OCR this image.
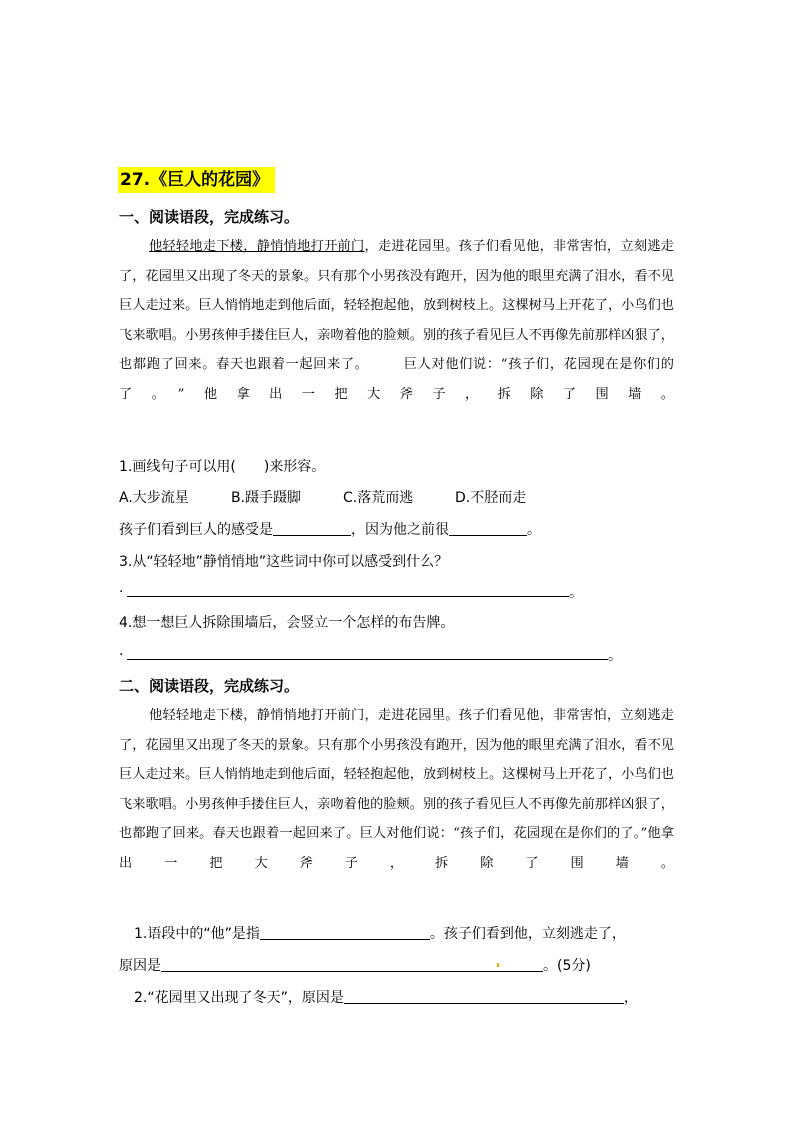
27.《巨人的花园》
一、阅读语段，完成练习。

他轻轻地走下楼，静悄悄地打开前门，走进花园里。孩子们看见他，非常害怕，立刻逃走了，花园里又出现了冬天的景象。只有那个小男孩没有跑开，因为他的眼里充满了泪水，看不见巨人走过来。巨人悄悄地走到他后面，轻轻抱起他，放到树枝上。这棵树马上开花了，小鸟们也飞来歌唱。小男孩伸手搂住巨人，亲吻着他的脸颊。别的孩子看见巨人不再像先前那样凶狠了，也都跑了回来。春天也跟着一起回来了。　　　	巨人对他们说：“孩子们，花园现在是你们的了。”他拿出一把大斧子，拆除了围墙。

1.画线句子可以用(　　)来形容。
A.大步流星	B.蹑手蹑脚	C.落荒而逃	D.不胫而走
孩子们看到巨人的感受是	，因为他之前很	。
3.从“轻轻地”静悄悄地”这些词中你可以感受到什么？
.	。
4.想一想巨人拆除围墙后，会竖立一个怎样的布告牌。
.	。
二、阅读语段，完成练习。

他轻轻地走下楼，静悄悄地打开前门，走进花园里。孩子们看见他，非常害怕，立刻逃走了，花园里又出现了冬天的景象。只有那个小男孩没有跑开，因为他的眼里充满了泪水，看不见巨人走过来。巨人悄悄地走到他后面，轻轻抱起他，放到树枝上。这棵树马上开花了，小鸟们也飞来歌唱。小男孩伸手搂住巨人，亲吻着他的脸颊。别的孩子看见巨人不再像先前那样凶狠了，也都跑了回来。春天也跟着一起回来了。巨人对他们说：“孩子们，花园现在是你们的了。”他拿出一把大斧子，拆除了围墙。

1.语段中的“他”是指	。孩子们看到他，立刻逃走了，
原因是	。(5分)
2.“花园里又出现了冬天”，原因是	，
